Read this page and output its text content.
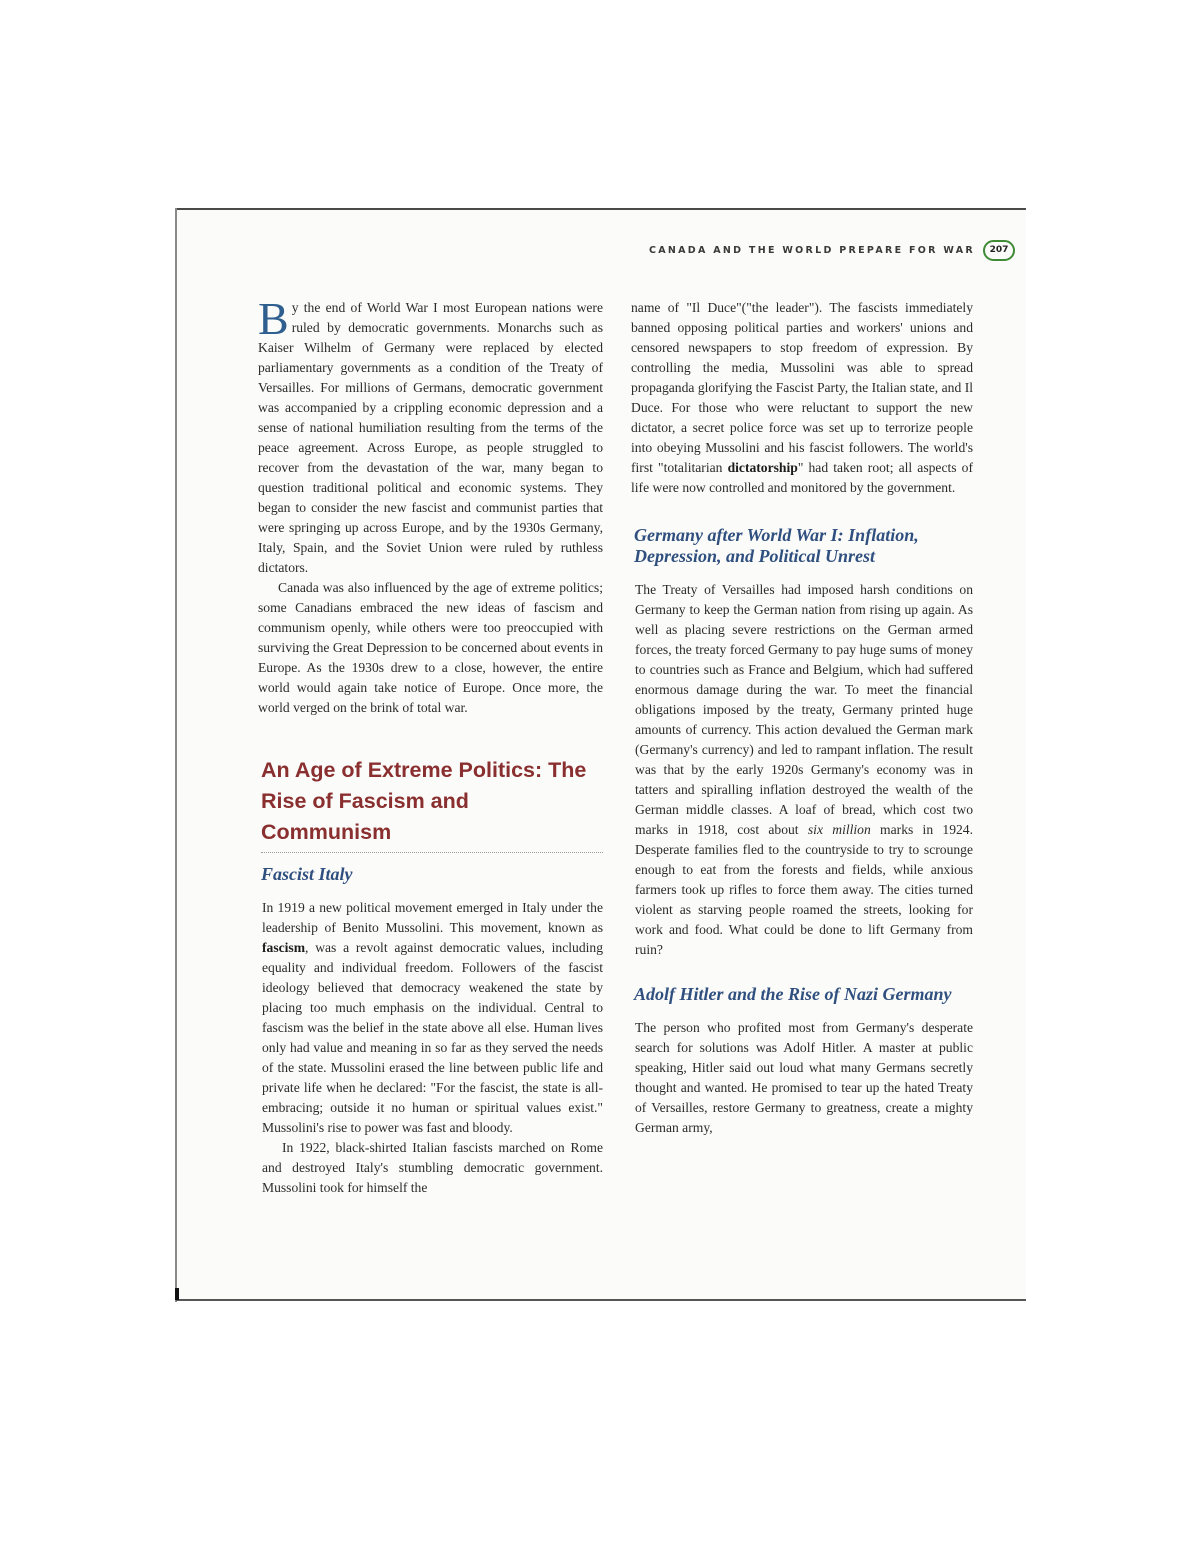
CANADA AND THE WORLD PREPARE FOR WAR	207

By the end of World War I most European nations were ruled by democratic governments. Monarchs such as Kaiser Wilhelm of Germany were replaced by elected parliamentary governments as a condition of the Treaty of Versailles. For millions of Germans, democratic government was accompanied by a crippling economic depression and a sense of national humiliation resulting from the terms of the peace agreement. Across Europe, as people struggled to recover from the devastation of the war, many began to question traditional political and economic systems. They began to consider the new fascist and communist parties that were springing up across Europe, and by the 1930s Germany, Italy, Spain, and the Soviet Union were ruled by ruthless dictators.

Canada was also influenced by the age of extreme politics; some Canadians embraced the new ideas of fascism and communism openly, while others were too preoccupied with surviving the Great Depression to be concerned about events in Europe. As the 1930s drew to a close, however, the entire world would again take notice of Europe. Once more, the world verged on the brink of total war.

An Age of Extreme Politics: The Rise of Fascism and Communism
Fascist Italy

In 1919 a new political movement emerged in Italy under the leadership of Benito Mussolini. This movement, known as fascism, was a revolt against democratic values, including equality and individual freedom. Followers of the fascist ideology believed that democracy weakened the state by placing too much emphasis on the individual. Central to fascism was the belief in the state above all else. Human lives only had value and meaning in so far as they served the needs of the state. Mussolini erased the line between public life and private life when he declared: "For the fascist, the state is all-embracing; outside it no human or spiritual values exist." Mussolini's rise to power was fast and bloody.

In 1922, black-shirted Italian fascists marched on Rome and destroyed Italy's stumbling democratic government. Mussolini took for himself the

name of "Il Duce"("the leader"). The fascists immediately banned opposing political parties and workers' unions and censored newspapers to stop freedom of expression. By controlling the media, Mussolini was able to spread propaganda glorifying the Fascist Party, the Italian state, and Il Duce. For those who were reluctant to support the new dictator, a secret police force was set up to terrorize people into obeying Mussolini and his fascist followers. The world's first "totalitarian dictatorship" had taken root; all aspects of life were now controlled and monitored by the government.

Germany after World War I: Inflation, Depression, and Political Unrest

The Treaty of Versailles had imposed harsh conditions on Germany to keep the German nation from rising up again. As well as placing severe restrictions on the German armed forces, the treaty forced Germany to pay huge sums of money to countries such as France and Belgium, which had suffered enormous damage during the war. To meet the financial obligations imposed by the treaty, Germany printed huge amounts of currency. This action devalued the German mark (Germany's currency) and led to rampant inflation. The result was that by the early 1920s Germany's economy was in tatters and spiralling inflation destroyed the wealth of the German middle classes. A loaf of bread, which cost two marks in 1918, cost about six million marks in 1924. Desperate families fled to the countryside to try to scrounge enough to eat from the forests and fields, while anxious farmers took up rifles to force them away. The cities turned violent as starving people roamed the streets, looking for work and food. What could be done to lift Germany from ruin?

Adolf Hitler and the Rise of Nazi Germany

The person who profited most from Germany's desperate search for solutions was Adolf Hitler. A master at public speaking, Hitler said out loud what many Germans secretly thought and wanted. He promised to tear up the hated Treaty of Versailles, restore Germany to greatness, create a mighty German army,
